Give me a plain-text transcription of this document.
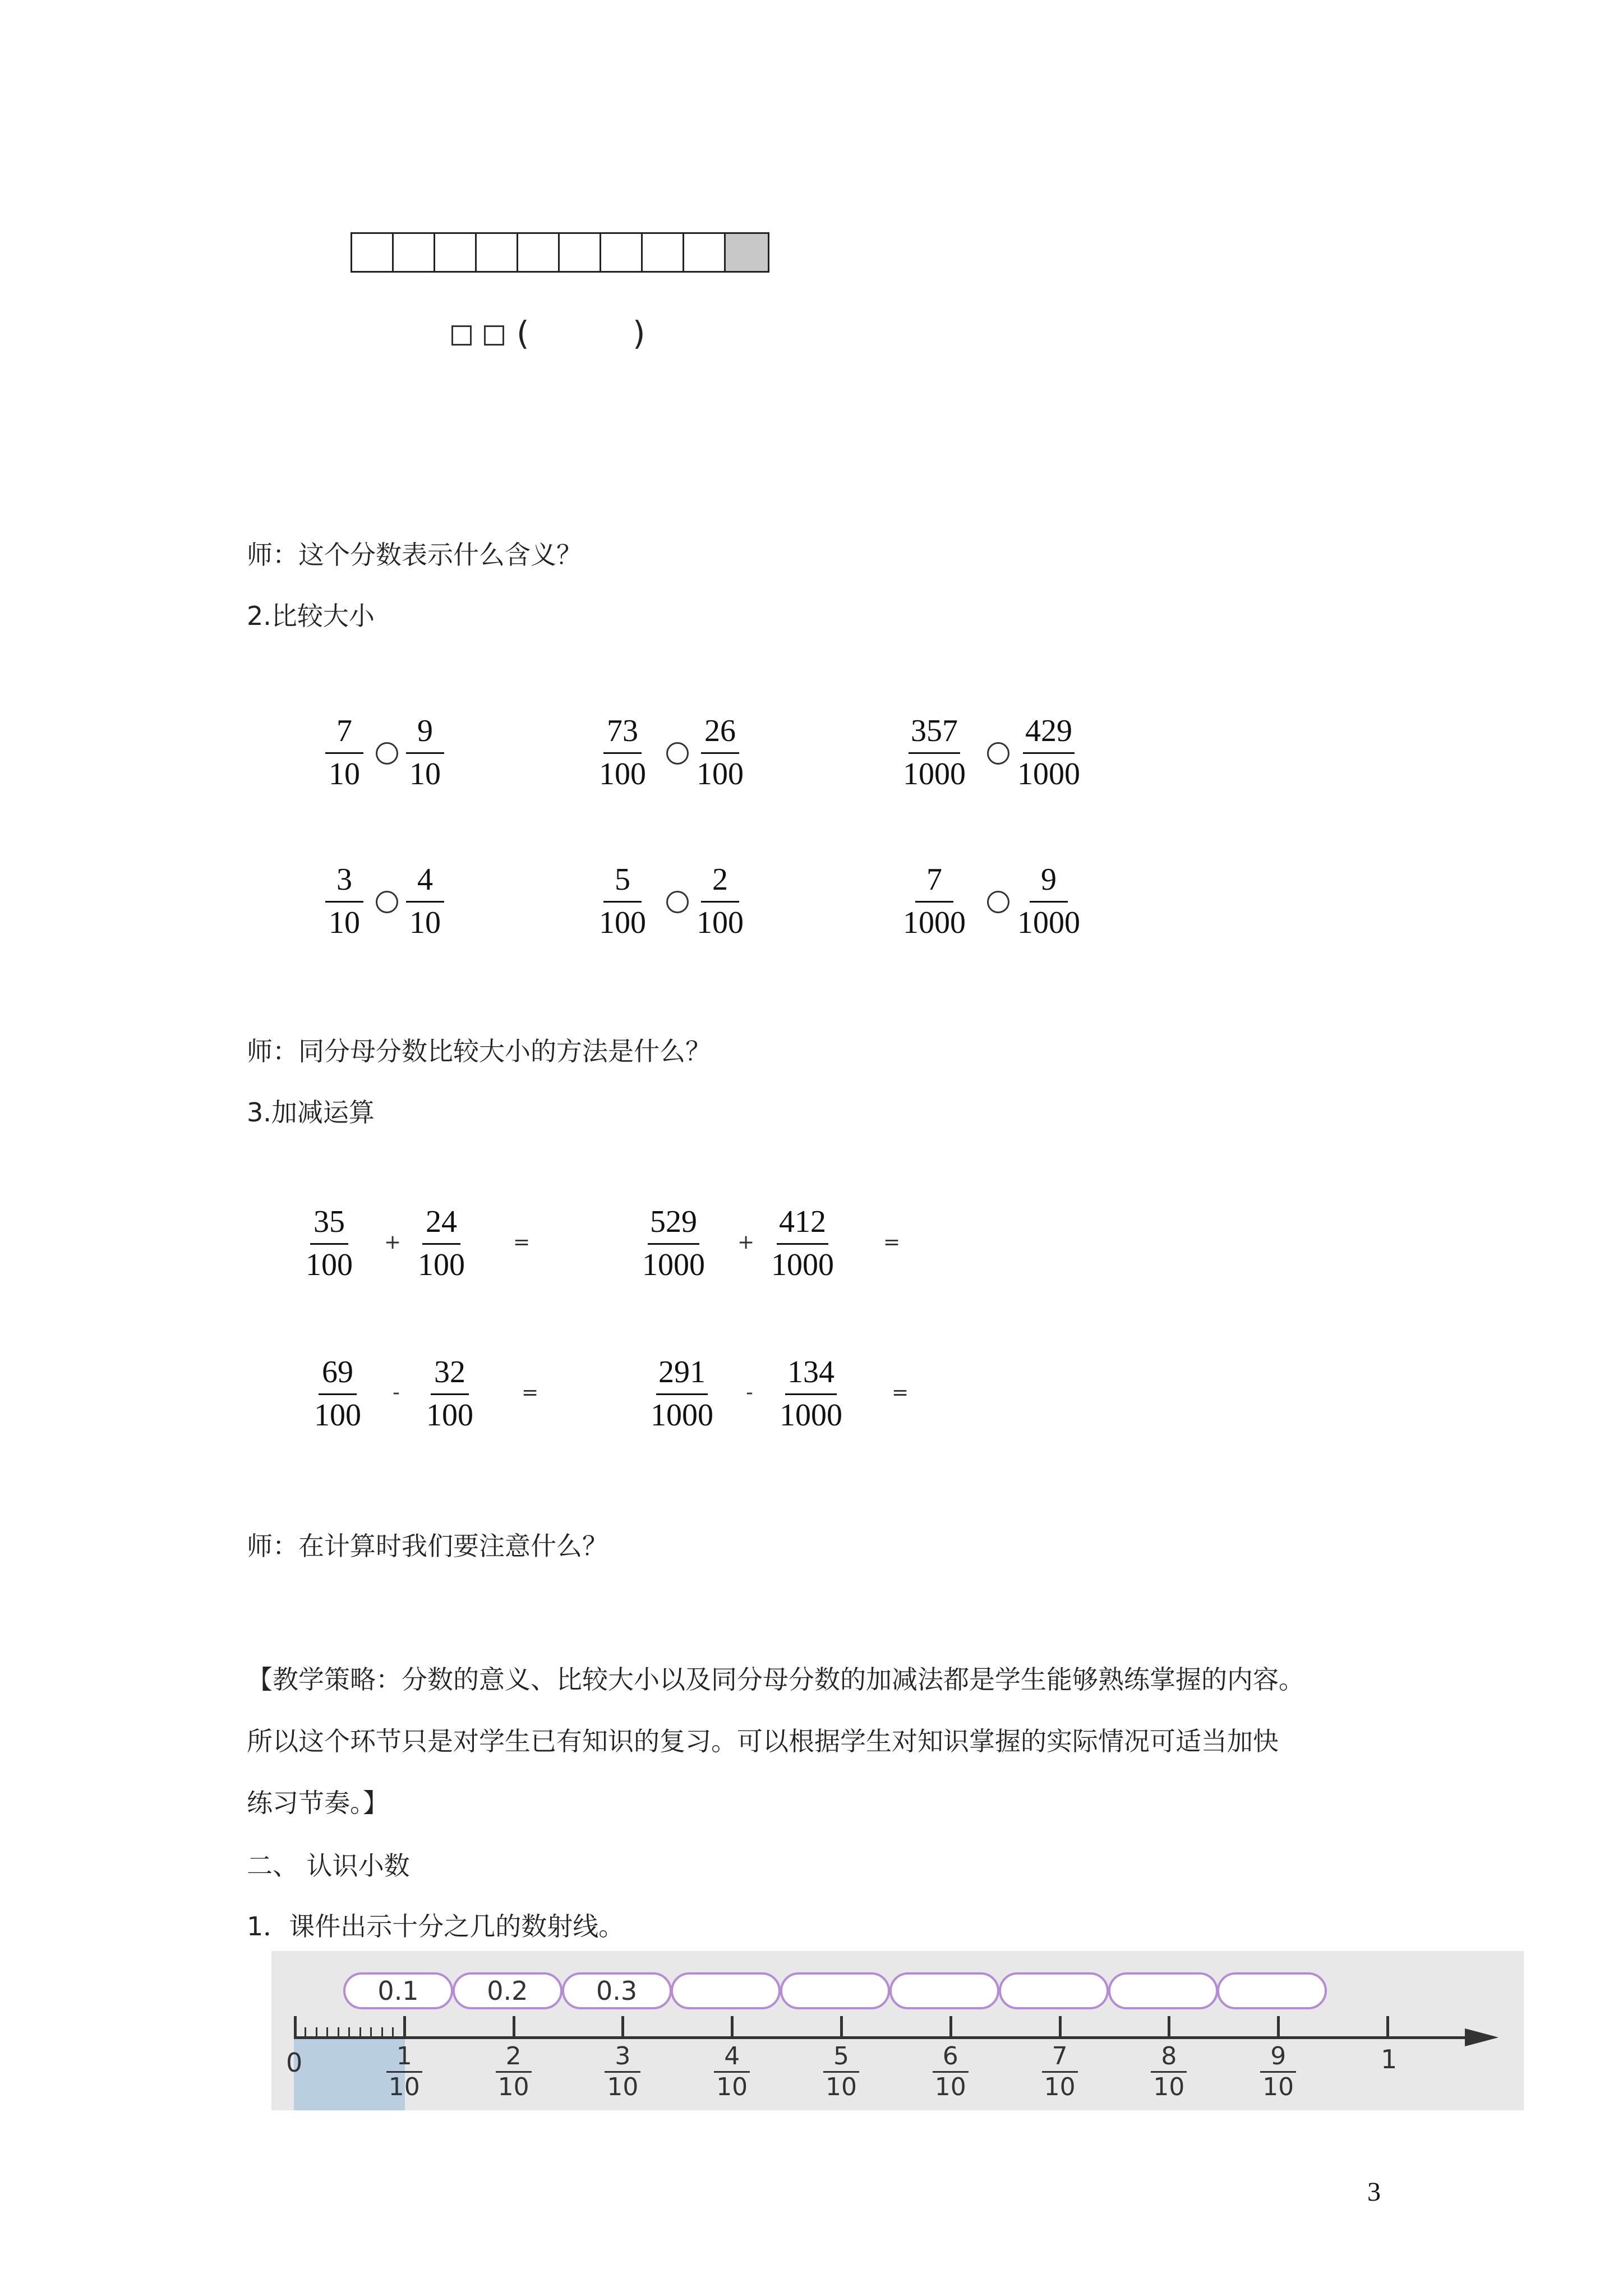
(          )
师：这个分数表示什么含义？
2.比较大小
$\frac{7}{10} \frac{9}{10}$	$\frac{73}{100} \frac{26}{100}$	$\frac{357}{1000} \frac{429}{1000}$
$\frac{3}{10} \frac{4}{10}$	$\frac{5}{100} \frac{2}{100}$	$\frac{7}{1000} \frac{9}{1000}$
师：同分母分数比较大小的方法是什么？
3.加减运算
$\frac{35}{100} + \frac{24}{100}$ =	$\frac{529}{1000} + \frac{412}{1000}$ =
$\frac{69}{100} - \frac{32}{100}$ =	$\frac{291}{1000} - \frac{134}{1000}$ =
师：在计算时我们要注意什么？
【教学策略：分数的意义、比较大小以及同分母分数的加减法都是学生能够熟练掌握的内容。
所以这个环节只是对学生已有知识的复习。可以根据学生对知识掌握的实际情况可适当加快
练习节奏。】
二、 认识小数
1．课件出示十分之几的数射线。
0	1
$\frac{1}{10}$	$\frac{2}{10}$	$\frac{3}{10}$	$\frac{4}{10}$	$\frac{5}{10}$	$\frac{6}{10}$	$\frac{7}{10}$	$\frac{8}{10}$	$\frac{9}{10}$
0.1	0.2	0.3
3
